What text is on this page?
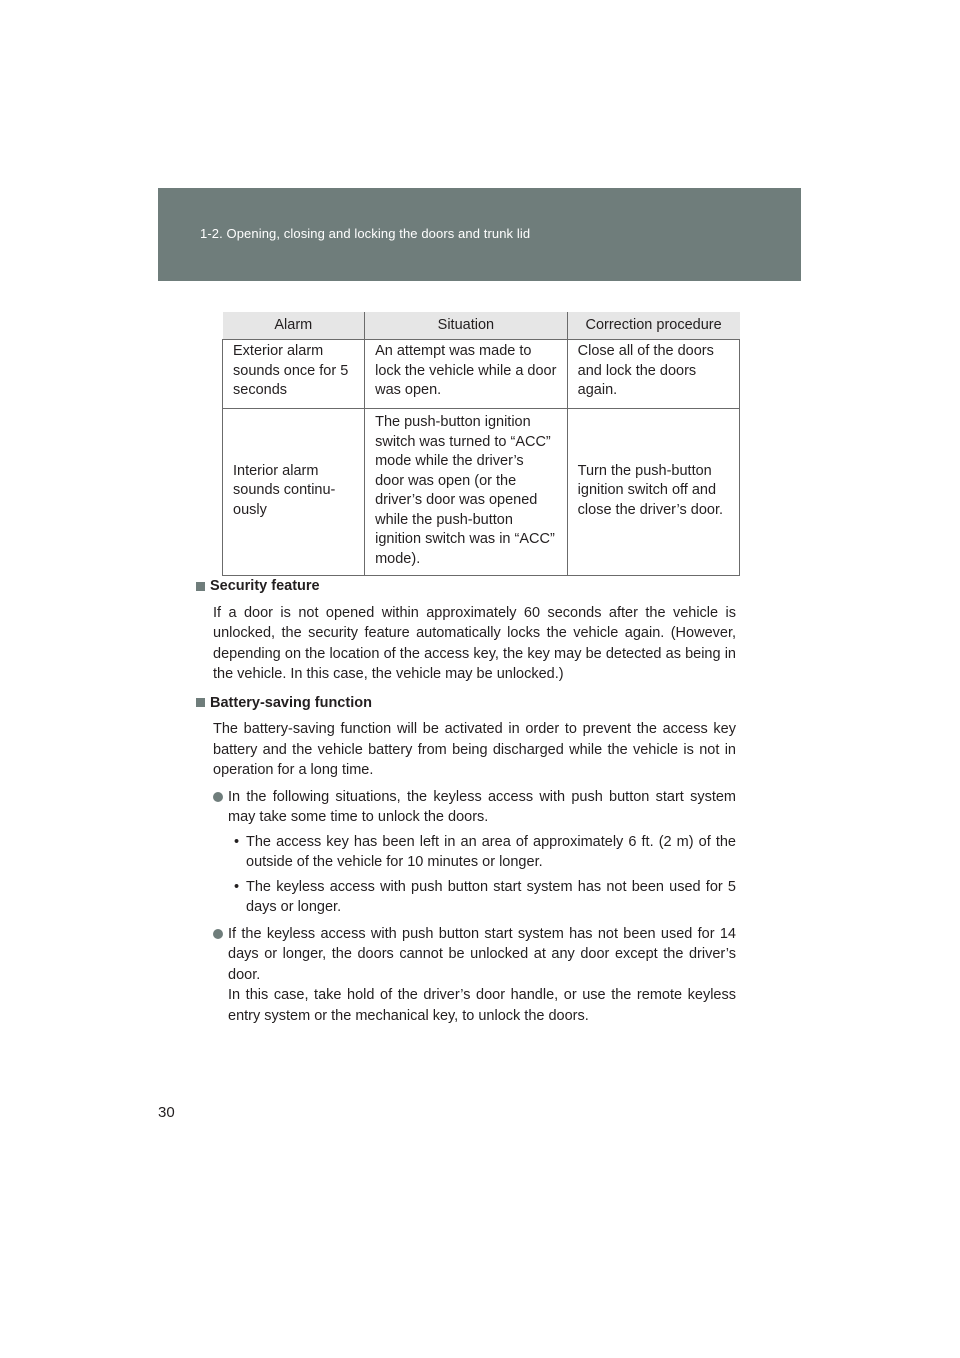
1-2. Opening, closing and locking the doors and trunk lid
Alarm	Situation	Correction procedure
Exterior alarm sounds once for 5 seconds	An attempt was made to lock the vehicle while a door was open.	Close all of the doors and lock the doors again.
Interior alarm sounds continu-ously	The push-button ignition switch was turned to “ACC” mode while the driver’s door was open (or the driver’s door was opened while the push-button ignition switch was in “ACC” mode).	Turn the push-button ignition switch off and close the driver’s door.
Security feature

If a door is not opened within approximately 60 seconds after the vehicle is unlocked, the security feature automatically locks the vehicle again. (However, depending on the location of the access key, the key may be detected as being in the vehicle. In this case, the vehicle may be unlocked.)

Battery-saving function

The battery-saving function will be activated in order to prevent the access key battery and the vehicle battery from being discharged while the vehicle is not in operation for a long time.

In the following situations, the keyless access with push button start system may take some time to unlock the doors.
• The access key has been left in an area of approximately 6 ft. (2 m) of the outside of the vehicle for 10 minutes or longer.
• The keyless access with push button start system has not been used for 5 days or longer.
If the keyless access with push button start system has not been used for 14 days or longer, the doors cannot be unlocked at any door except the driver’s door.
In this case, take hold of the driver’s door handle, or use the remote keyless entry system or the mechanical key, to unlock the doors.
30
